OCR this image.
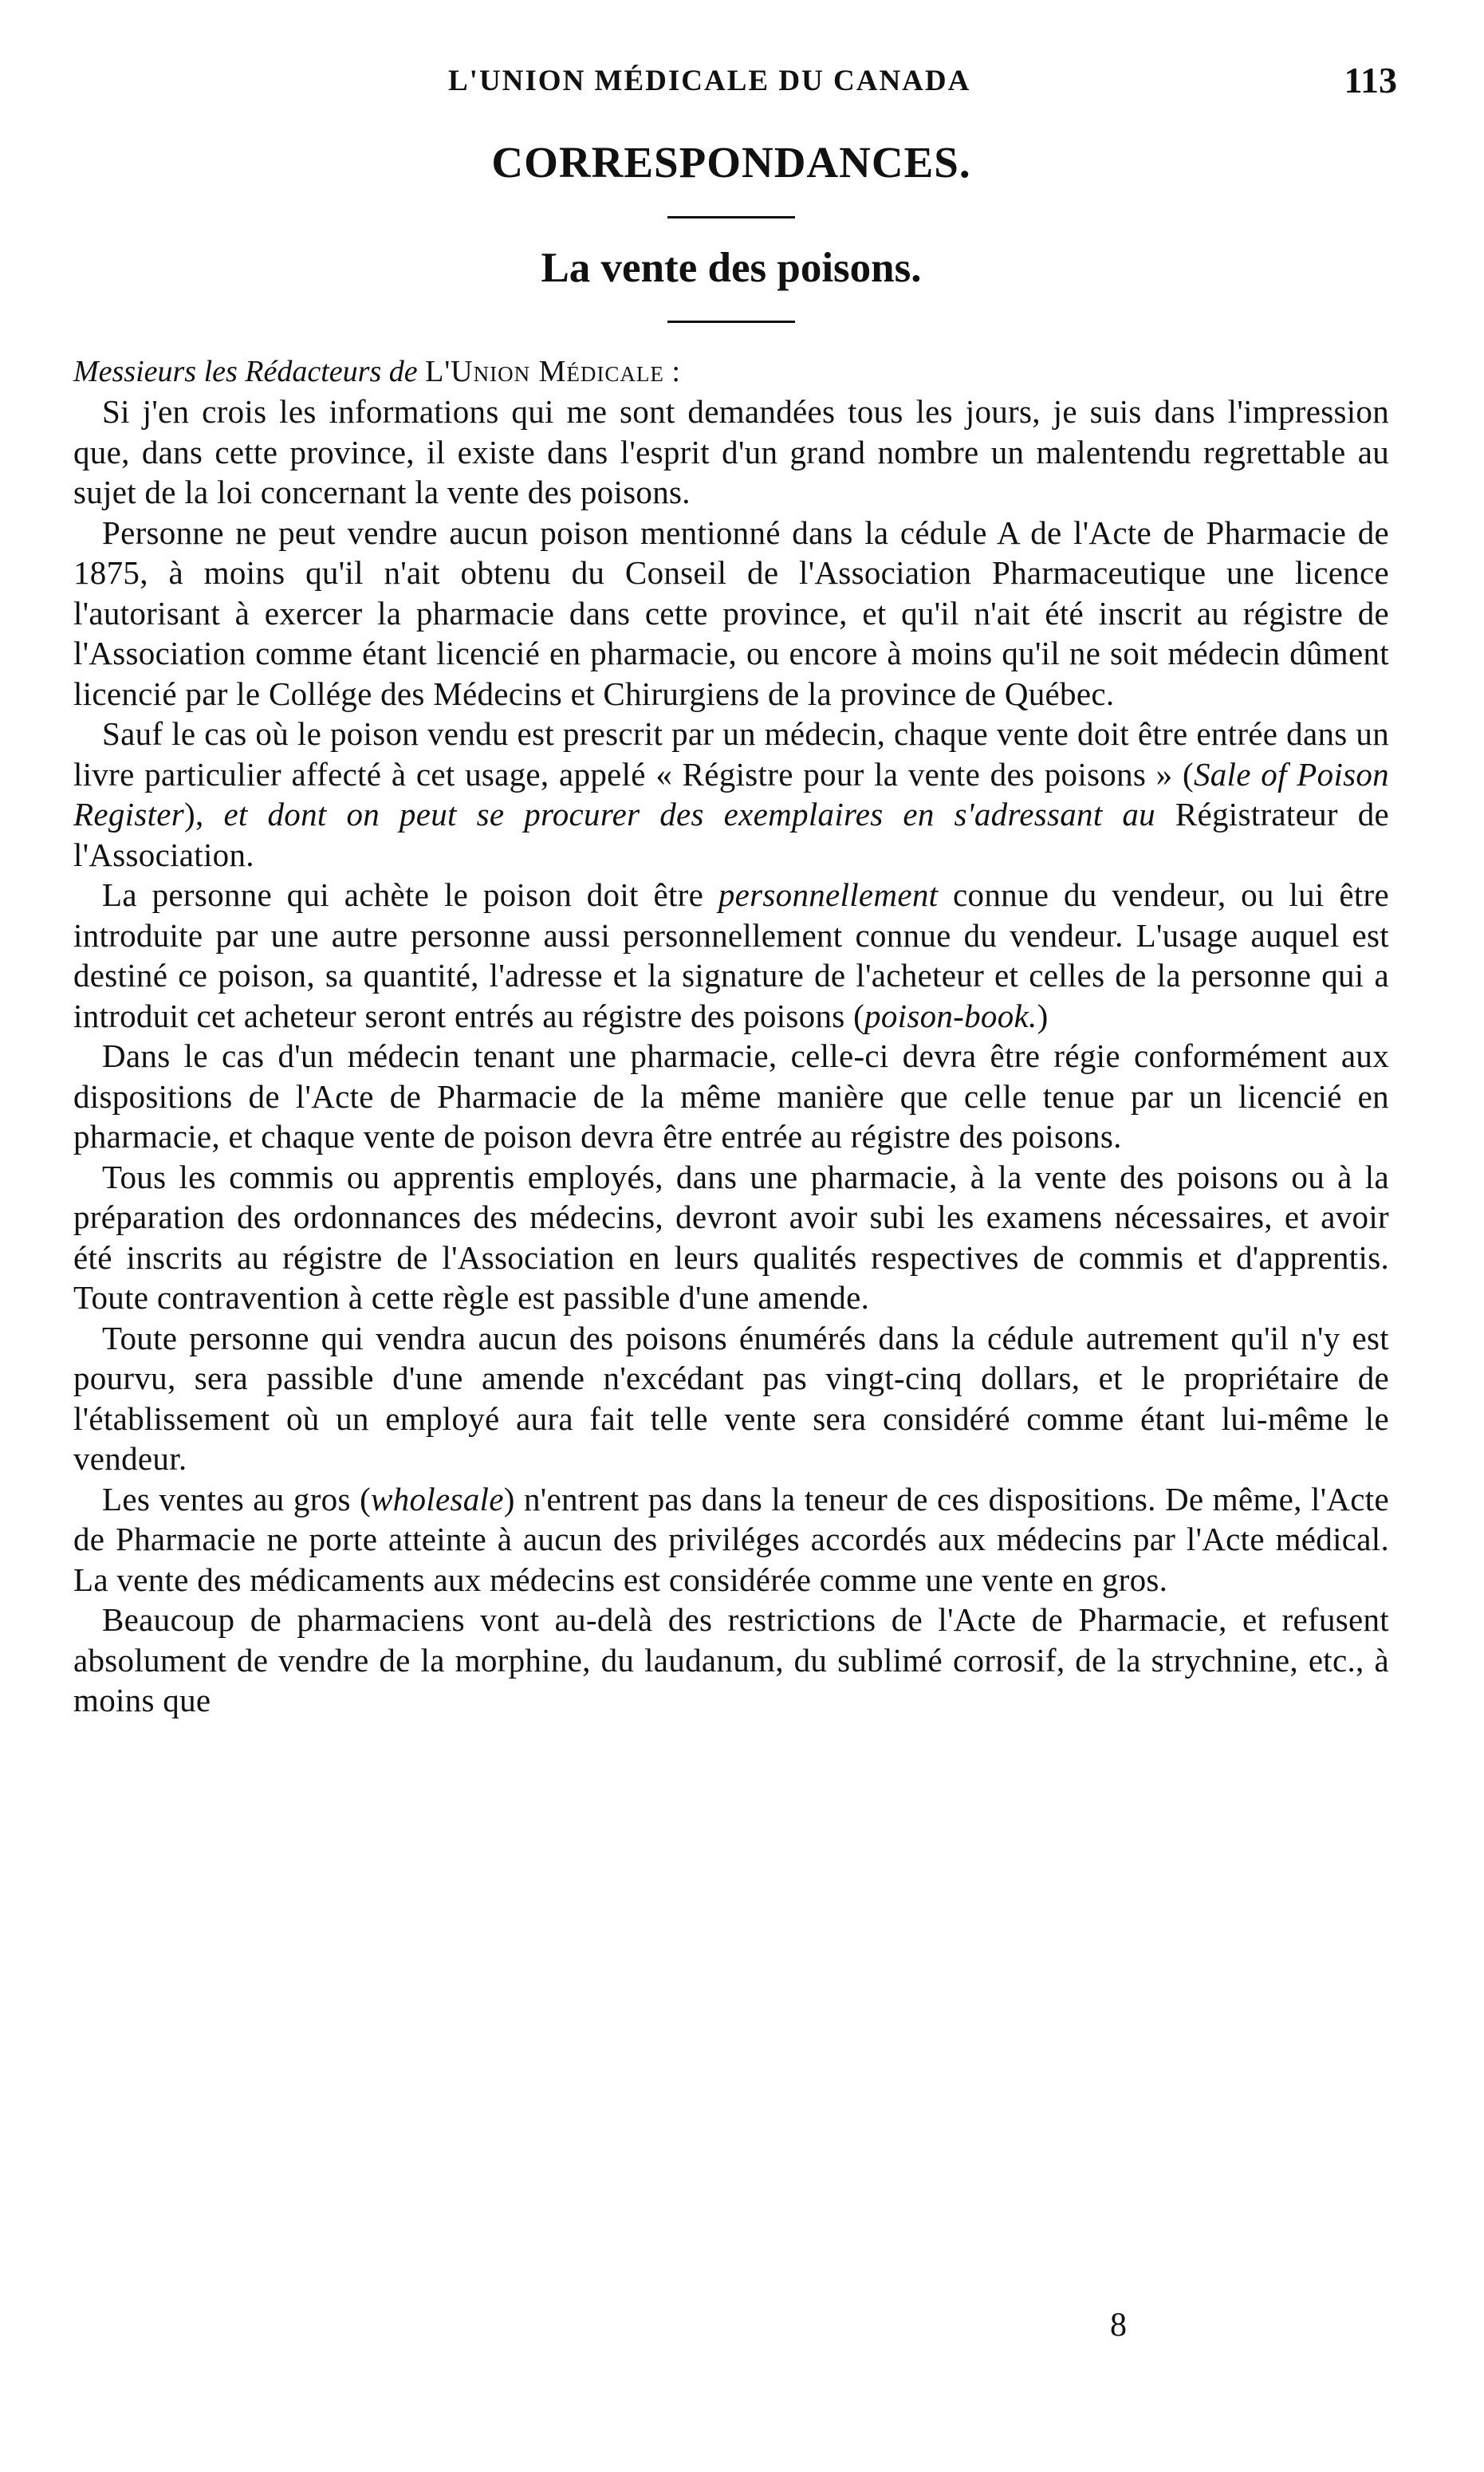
L'UNION MÉDICALE DU CANADA	113
CORRESPONDANCES.
La vente des poisons.
Messieurs les Rédacteurs de L'Union Médicale :

Si j'en crois les informations qui me sont demandées tous les jours, je suis dans l'impression que, dans cette province, il existe dans l'esprit d'un grand nombre un malentendu regrettable au sujet de la loi concernant la vente des poisons.

Personne ne peut vendre aucun poison mentionné dans la cédule A de l'Acte de Pharmacie de 1875, à moins qu'il n'ait obtenu du Conseil de l'Association Pharmaceutique une licence l'autorisant à exercer la pharmacie dans cette province, et qu'il n'ait été inscrit au régistre de l'Association comme étant licencié en pharmacie, ou encore à moins qu'il ne soit médecin dûment licencié par le Collége des Médecins et Chirurgiens de la province de Québec.

Sauf le cas où le poison vendu est prescrit par un médecin, chaque vente doit être entrée dans un livre particulier affecté à cet usage, appelé « Régistre pour la vente des poisons » (Sale of Poison Register), et dont on peut se procurer des exemplaires en s'adressant au Régistrateur de l'Association.

La personne qui achète le poison doit être personnellement connue du vendeur, ou lui être introduite par une autre personne aussi personnellement connue du vendeur. L'usage auquel est destiné ce poison, sa quantité, l'adresse et la signature de l'acheteur et celles de la personne qui a introduit cet acheteur seront entrés au régistre des poisons (poison-book.)

Dans le cas d'un médecin tenant une pharmacie, celle-ci devra être régie conformément aux dispositions de l'Acte de Pharmacie de la même manière que celle tenue par un licencié en pharmacie, et chaque vente de poison devra être entrée au régistre des poisons.

Tous les commis ou apprentis employés, dans une pharmacie, à la vente des poisons ou à la préparation des ordonnances des médecins, devront avoir subi les examens nécessaires, et avoir été inscrits au régistre de l'Association en leurs qualités respectives de commis et d'apprentis. Toute contravention à cette règle est passible d'une amende.

Toute personne qui vendra aucun des poisons énumérés dans la cédule autrement qu'il n'y est pourvu, sera passible d'une amende n'excédant pas vingt-cinq dollars, et le propriétaire de l'établissement où un employé aura fait telle vente sera considéré comme étant lui-même le vendeur.

Les ventes au gros (wholesale) n'entrent pas dans la teneur de ces dispositions. De même, l'Acte de Pharmacie ne porte atteinte à aucun des priviléges accordés aux médecins par l'Acte médical. La vente des médicaments aux médecins est considérée comme une vente en gros.

Beaucoup de pharmaciens vont au-delà des restrictions de l'Acte de Pharmacie, et refusent absolument de vendre de la morphine, du laudanum, du sublimé corrosif, de la strychnine, etc., à moins que

8
